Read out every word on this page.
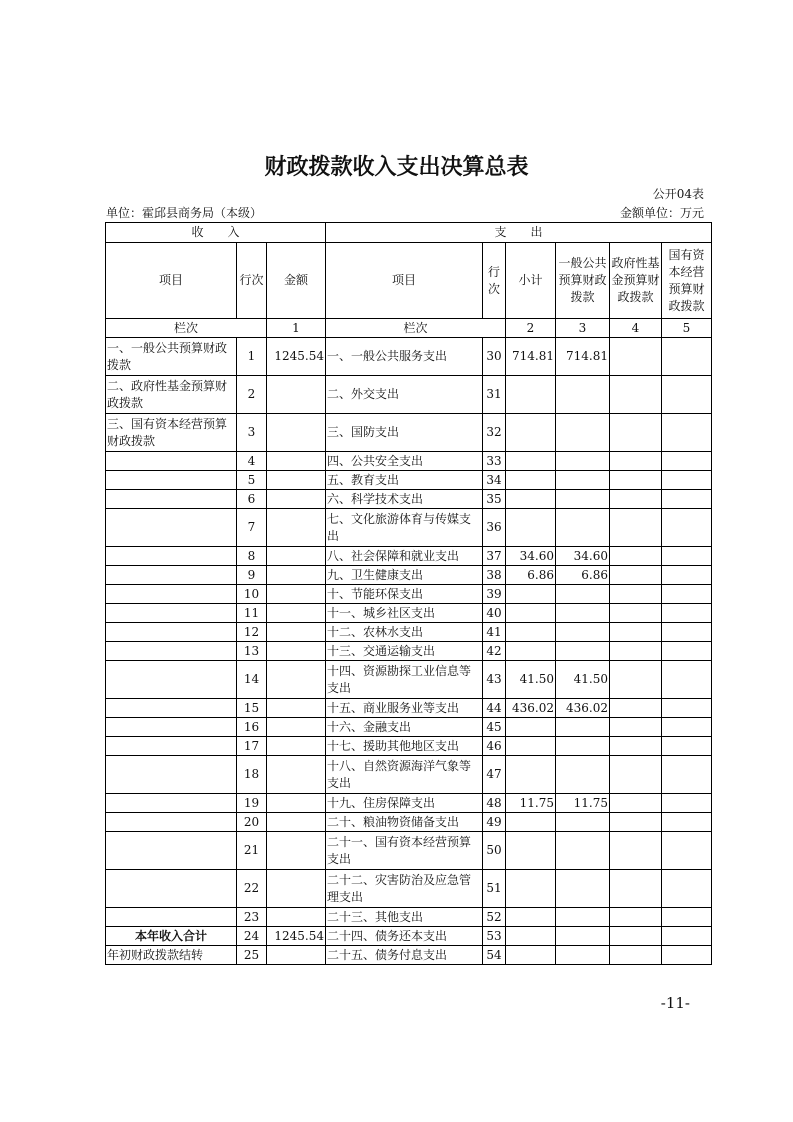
财政拨款收入支出决算总表
公开04表
单位：霍邱县商务局（本级）	金额单位：万元
收　　入			支　　出					
项目	行次	金额	项目	行次	小计	一般公共预算财政拨款	政府性基金预算财政拨款	国有资本经营预算财政拨款
栏次		1	栏次		2	3	4	5
一、一般公共预算财政拨款	1	1245.54	一、一般公共服务支出	30	714.81	714.81		
二、政府性基金预算财政拨款	2		二、外交支出	31				
三、国有资本经营预算财政拨款	3		三、国防支出	32				
	4		四、公共安全支出	33				
	5		五、教育支出	34				
	6		六、科学技术支出	35				
	7		七、文化旅游体育与传媒支出	36				
	8		八、社会保障和就业支出	37	34.60	34.60		
	9		九、卫生健康支出	38	6.86	6.86		
	10		十、节能环保支出	39				
	11		十一、城乡社区支出	40				
	12		十二、农林水支出	41				
	13		十三、交通运输支出	42				
	14		十四、资源勘探工业信息等支出	43	41.50	41.50		
	15		十五、商业服务业等支出	44	436.02	436.02		
	16		十六、金融支出	45				
	17		十七、援助其他地区支出	46				
	18		十八、自然资源海洋气象等支出	47				
	19		十九、住房保障支出	48	11.75	11.75		
	20		二十、粮油物资储备支出	49				
	21		二十一、国有资本经营预算支出	50				
	22		二十二、灾害防治及应急管理支出	51				
	23		二十三、其他支出	52				
本年收入合计	24	1245.54	二十四、债务还本支出	53				
年初财政拨款结转	25		二十五、债务付息支出	54				
-11-
